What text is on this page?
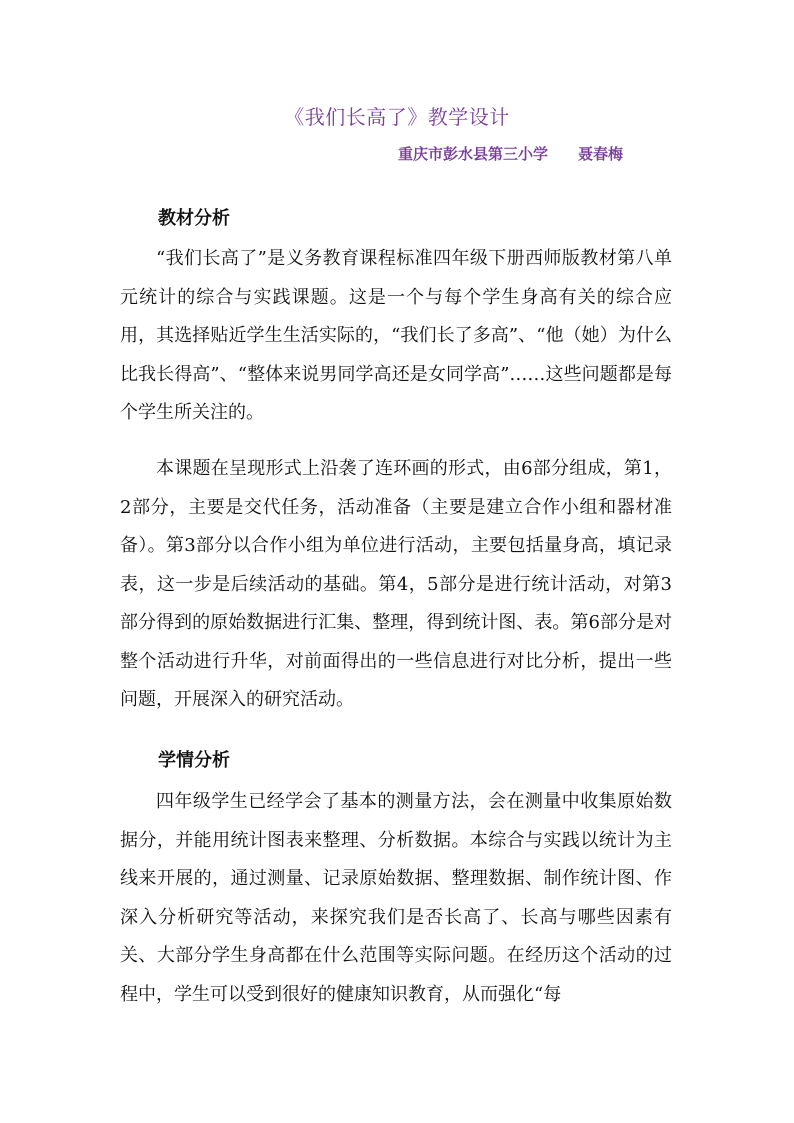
《我们长高了》教学设计
重庆市彭水县第三小学 聂春梅
教材分析

“我们长高了”是义务教育课程标准四年级下册西师版教材第八单元统计的综合与实践课题。这是一个与每个学生身高有关的综合应用，其选择贴近学生生活实际的，“我们长了多高”、“他（她）为什么比我长得高”、“整体来说男同学高还是女同学高”……这些问题都是每个学生所关注的。

本课题在呈现形式上沿袭了连环画的形式，由6部分组成，第1，2部分，主要是交代任务，活动准备（主要是建立合作小组和器材准备）。第3部分以合作小组为单位进行活动，主要包括量身高，填记录表，这一步是后续活动的基础。第4，5部分是进行统计活动，对第3部分得到的原始数据进行汇集、整理，得到统计图、表。第6部分是对整个活动进行升华，对前面得出的一些信息进行对比分析，提出一些问题，开展深入的研究活动。

学情分析

四年级学生已经学会了基本的测量方法，会在测量中收集原始数据分，并能用统计图表来整理、分析数据。本综合与实践以统计为主线来开展的，通过测量、记录原始数据、整理数据、制作统计图、作深入分析研究等活动，来探究我们是否长高了、长高与哪些因素有关、大部分学生身高都在什么范围等实际问题。在经历这个活动的过程中，学生可以受到很好的健康知识教育，从而强化“每
